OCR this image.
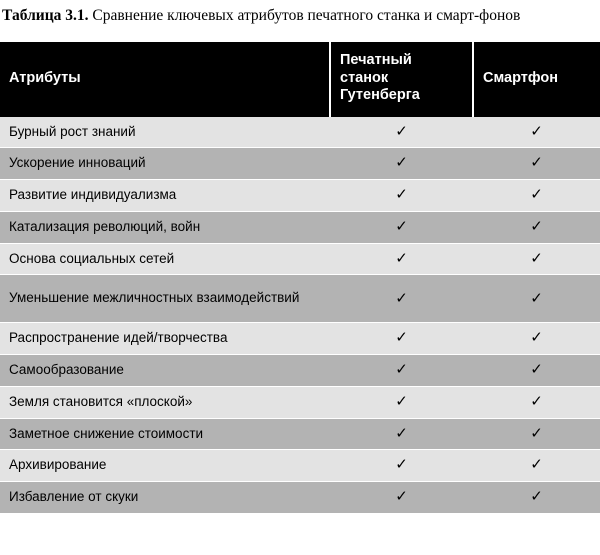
Таблица 3.1. Сравнение ключевых атрибутов печатного станка и смарт-фонов
Атрибуты	Печатный станок Гутенберга	Смартфон
Бурный рост знаний	✓	✓
Ускорение инноваций	✓	✓
Развитие индивидуализма	✓	✓
Катализация революций, войн	✓	✓
Основа социальных сетей	✓	✓
Уменьшение межличностных взаимодействий	✓	✓
Распространение идей/творчества	✓	✓
Самообразование	✓	✓
Земля становится «плоской»	✓	✓
Заметное снижение стоимости	✓	✓
Архивирование	✓	✓
Избавление от скуки	✓	✓
